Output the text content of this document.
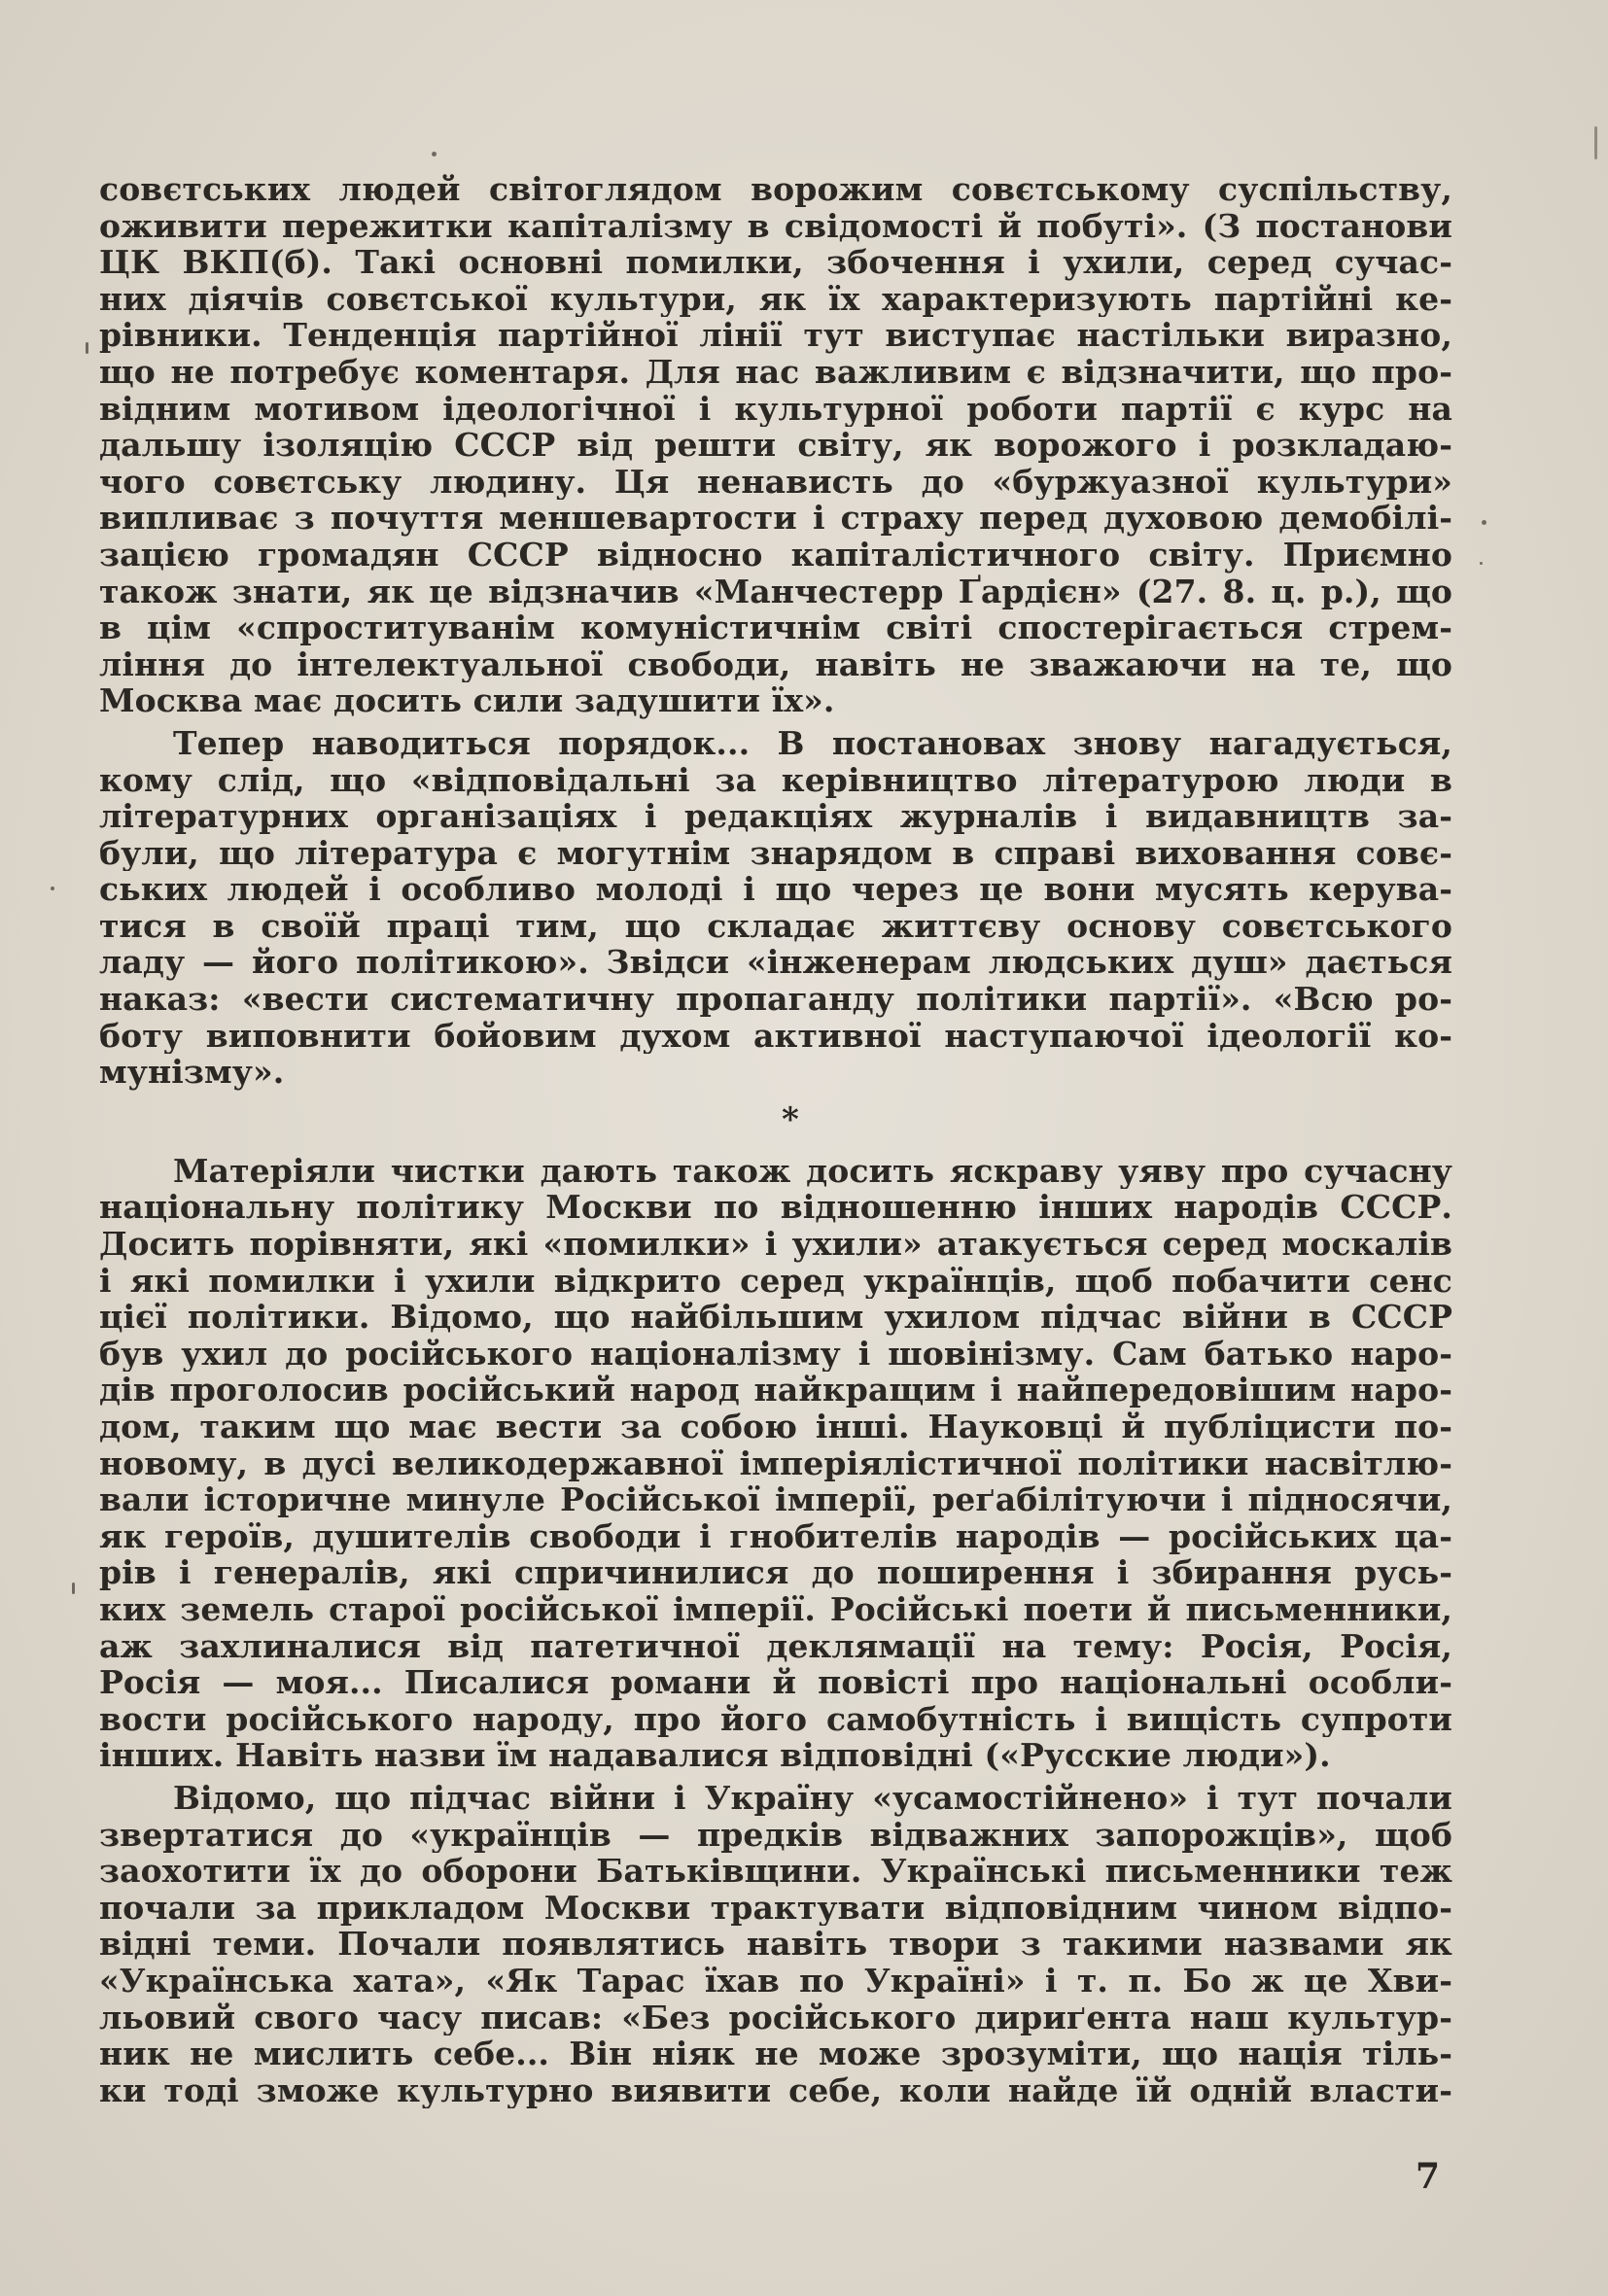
совєтських людей світоглядом ворожим совєтському суспільству,
оживити пережитки капіталізму в свідомості й побуті». (З постанови
ЦК ВКП(б). Такі основні помилки, збочення і ухили, серед сучас-
них діячів совєтської культури, як їх характеризують партійні ке-
рівники. Тенденція партійної лінії тут виступає настільки виразно,
що не потребує коментаря. Для нас важливим є відзначити, що про-
відним мотивом ідеологічної і культурної роботи партії є курс на
дальшу ізоляцію СССР від решти світу, як ворожого і розкладаю-
чого совєтську людину. Ця ненависть до «буржуазної культури»
випливає з почуття меншевартости і страху перед духовою демобілі-
зацією громадян СССР відносно капіталістичного світу. Приємно
також знати, як це відзначив «Манчестерр Ґардієн» (27. 8. ц. р.), що
в цім «спроституванім комуністичнім світі спостерігається стрем-
ління до інтелектуальної свободи, навіть не зважаючи на те, що
Москва має досить сили задушити їх».
Тепер наводиться порядок... В постановах знову нагадується,
кому слід, що «відповідальні за керівництво літературою люди в
літературних організаціях і редакціях журналів і видавництв за-
були, що література є могутнім знарядом в справі виховання совє-
ських людей і особливо молоді і що через це вони мусять керува-
тися в своїй праці тим, що складає життєву основу совєтського
ладу — його політикою». Звідси «інженерам людських душ» дається
наказ: «вести систематичну пропаганду політики партії». «Всю ро-
боту виповнити бойовим духом активної наступаючої ідеології ко-
мунізму».
*
Матеріяли чистки дають також досить яскраву уяву про сучасну
національну політику Москви по відношенню інших народів СССР.
Досить порівняти, які «помилки» і ухили» атакується серед москалів
і які помилки і ухили відкрито серед українців, щоб побачити сенс
цієї політики. Відомо, що найбільшим ухилом підчас війни в СССР
був ухил до російського націоналізму і шовінізму. Сам батько наро-
дів проголосив російський народ найкращим і найпередовішим наро-
дом, таким що має вести за собою інші. Науковці й публіцисти по-
новому, в дусі великодержавної імперіялістичної політики насвітлю-
вали історичне минуле Російської імперії, реґабілітуючи і підносячи,
як героїв, душителів свободи і гнобителів народів — російських ца-
рів і генералів, які спричинилися до поширення і збирання русь-
ких земель старої російської імперії. Російські поети й письменники,
аж захлиналися від патетичної деклямації на тему: Росія, Росія,
Росія — моя... Писалися романи й повісті про національні особли-
вости російського народу, про його самобутність і вищість супроти
інших. Навіть назви їм надавалися відповідні («Русские люди»).
Відомо, що підчас війни і Україну «усамостійнено» і тут почали
звертатися до «українців — предків відважних запорожців», щоб
заохотити їх до оборони Батьківщини. Українські письменники теж
почали за прикладом Москви трактувати відповідним чином відпо-
відні теми. Почали появлятись навіть твори з такими назвами як
«Українська хата», «Як Тарас їхав по Україні» і т. п. Бо ж це Хви-
льовий свого часу писав: «Без російського дириґента наш культур-
ник не мислить себе... Він ніяк не може зрозуміти, що нація тіль-
ки тоді зможе культурно виявити себе, коли найде їй одній власти-
7
